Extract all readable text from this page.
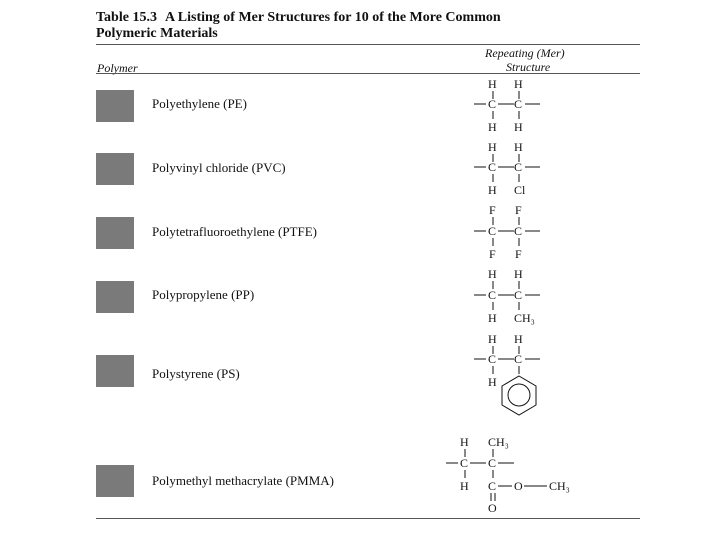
Table 15.3 A Listing of Mer Structures for 10 of the More Common
Polymeric Materials
Repeating (Mer)
Polymer	Structure
Polyethylene (PE)
Polyvinyl chloride (PVC)
Polytetrafluoroethylene (PTFE)
Polypropylene (PP)
Polystyrene (PS)
Polymethyl methacrylate (PMMA)
H H
C C
H H
H H
C C
H Cl
F F
C C
F F
H H
C C
H CH₃
H H
C C
H
H CH₃
C C
H C O CH₃
O
